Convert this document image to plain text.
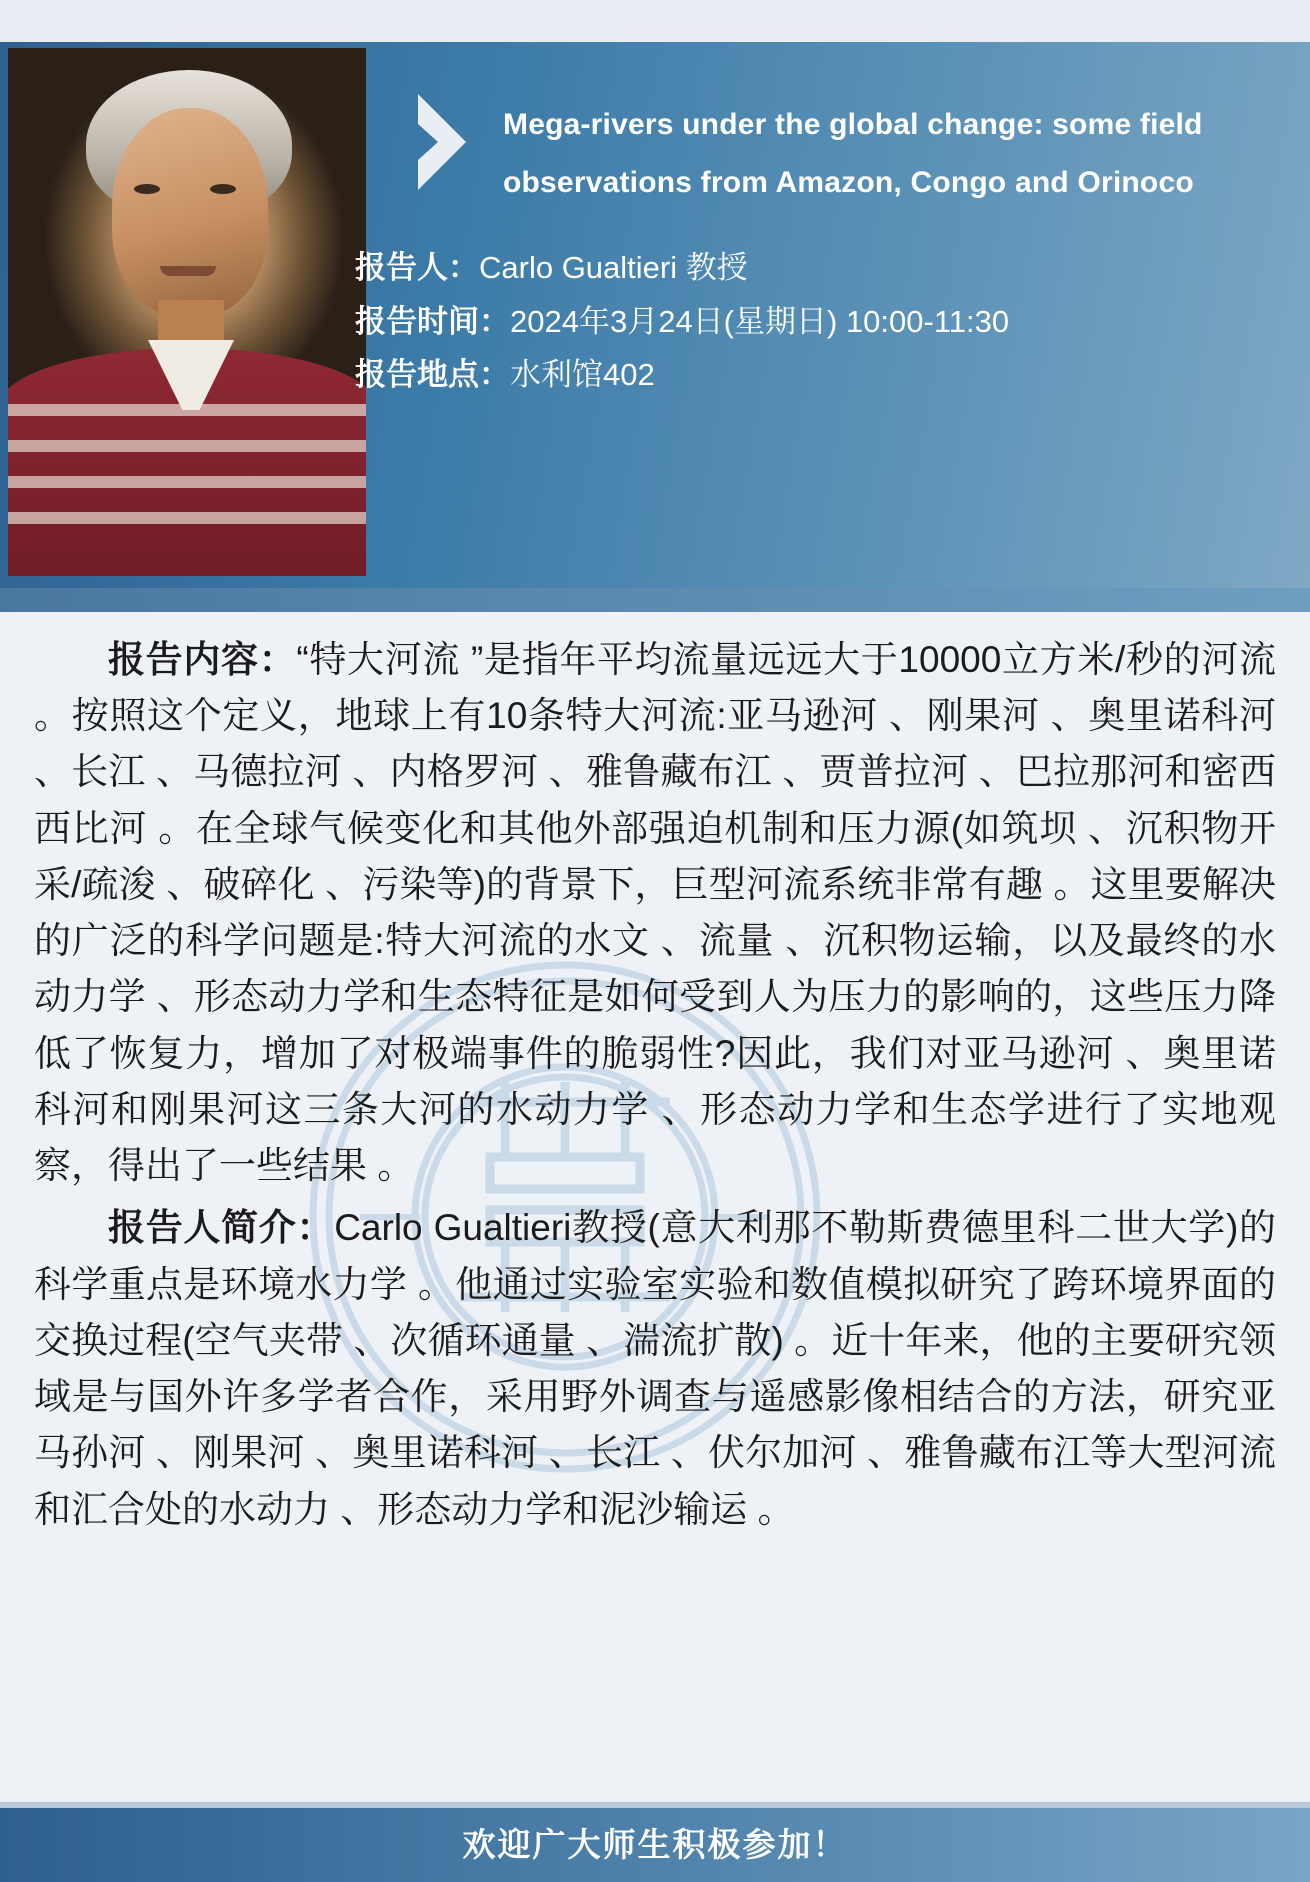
Mega-rivers under the global change: some field observations from Amazon, Congo and Orinoco
报告人： Carlo Gualtieri 教授
报告时间： 2024年3月24日(星期日) 10:00-11:30
报告地点： 水利馆402

报告内容：“特大河流 ”是指年平均流量远远大于10000立方米/秒的河流 。按照这个定义，地球上有10条特大河流:亚马逊河 、刚果河 、奥里诺科河 、长江 、马德拉河 、内格罗河 、雅鲁藏布江 、贾普拉河 、巴拉那河和密西西比河 。在全球气候变化和其他外部强迫机制和压力源(如筑坝 、沉积物开采/疏浚 、破碎化 、污染等)的背景下，巨型河流系统非常有趣 。这里要解决的广泛的科学问题是:特大河流的水文 、流量 、沉积物运输，以及最终的水动力学 、形态动力学和生态特征是如何受到人为压力的影响的，这些压力降低了恢复力，增加了对极端事件的脆弱性?因此，我们对亚马逊河 、奥里诺科河和刚果河这三条大河的水动力学 、形态动力学和生态学进行了实地观察，得出了一些结果 。

报告人简介：Carlo Gualtieri教授(意大利那不勒斯费德里科二世大学)的科学重点是环境水力学 。他通过实验室实验和数值模拟研究了跨环境界面的交换过程(空气夹带 、次循环通量 、湍流扩散) 。近十年来，他的主要研究领域是与国外许多学者合作，采用野外调查与遥感影像相结合的方法，研究亚马孙河 、刚果河 、奥里诺科河 、长江 、伏尔加河 、雅鲁藏布江等大型河流和汇合处的水动力 、形态动力学和泥沙输运 。

欢迎广大师生积极参加！
